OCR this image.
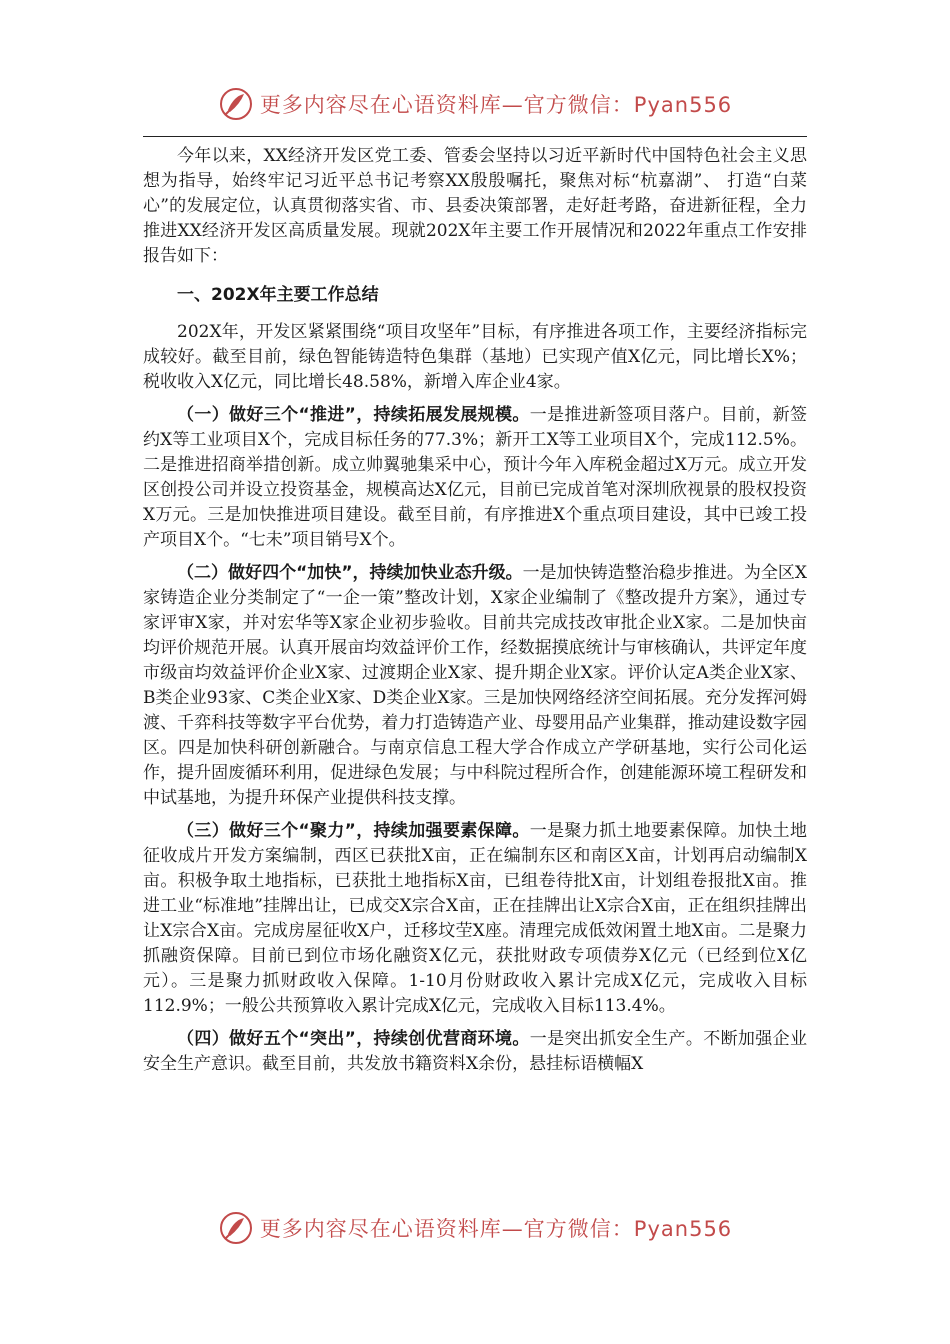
更多内容尽在心语资料库—官方微信：Pyan556

今年以来，XX经济开发区党工委、管委会坚持以习近平新时代中国特色社会主义思想为指导，始终牢记习近平总书记考察XX殷殷嘱托，聚焦对标“杭嘉湖”、 打造“白菜心”的发展定位，认真贯彻落实省、市、县委决策部署，走好赶考路，奋进新征程，全力推进XX经济开发区高质量发展。现就202X年主要工作开展情况和2022年重点工作安排报告如下：

一、202X年主要工作总结

202X年，开发区紧紧围绕“项目攻坚年”目标，有序推进各项工作，主要经济指标完成较好。截至目前，绿色智能铸造特色集群（基地）已实现产值X亿元，同比增长X%；税收收入X亿元，同比增长48.58%，新增入库企业4家。

（一）做好三个“推进”，持续拓展发展规模。一是推进新签项目落户。目前，新签约X等工业项目X个，完成目标任务的77.3%；新开工X等工业项目X个，完成112.5%。二是推进招商举措创新。成立帅翼驰集采中心，预计今年入库税金超过X万元。成立开发区创投公司并设立投资基金，规模高达X亿元，目前已完成首笔对深圳欣视景的股权投资X万元。三是加快推进项目建设。截至目前，有序推进X个重点项目建设，其中已竣工投产项目X个。“七未”项目销号X个。

（二）做好四个“加快”，持续加快业态升级。一是加快铸造整治稳步推进。为全区X家铸造企业分类制定了“一企一策”整改计划，X家企业编制了《整改提升方案》，通过专家评审X家，并对宏华等X家企业初步验收。目前共完成技改审批企业X家。二是加快亩均评价规范开展。认真开展亩均效益评价工作，经数据摸底统计与审核确认，共评定年度市级亩均效益评价企业X家、过渡期企业X家、提升期企业X家。评价认定A类企业X家、B类企业93家、C类企业X家、D类企业X家。三是加快网络经济空间拓展。充分发挥河姆渡、千弈科技等数字平台优势，着力打造铸造产业、母婴用品产业集群，推动建设数字园区。四是加快科研创新融合。与南京信息工程大学合作成立产学研基地，实行公司化运作，提升固废循环利用，促进绿色发展；与中科院过程所合作，创建能源环境工程研发和中试基地，为提升环保产业提供科技支撑。

（三）做好三个“聚力”，持续加强要素保障。一是聚力抓土地要素保障。加快土地征收成片开发方案编制，西区已获批X亩，正在编制东区和南区X亩，计划再启动编制X亩。积极争取土地指标，已获批土地指标X亩，已组卷待批X亩，计划组卷报批X亩。推进工业“标准地”挂牌出让，已成交X宗合X亩，正在挂牌出让X宗合X亩，正在组织挂牌出让X宗合X亩。完成房屋征收X户，迁移坟茔X座。清理完成低效闲置土地X亩。二是聚力抓融资保障。目前已到位市场化融资X亿元，获批财政专项债券X亿元（已经到位X亿元）。三是聚力抓财政收入保障。1-10月份财政收入累计完成X亿元，完成收入目标112.9%；一般公共预算收入累计完成X亿元，完成收入目标113.4%。

（四）做好五个“突出”，持续创优营商环境。一是突出抓安全生产。不断加强企业安全生产意识。截至目前，共发放书籍资料X余份，悬挂标语横幅X

更多内容尽在心语资料库—官方微信：Pyan556
